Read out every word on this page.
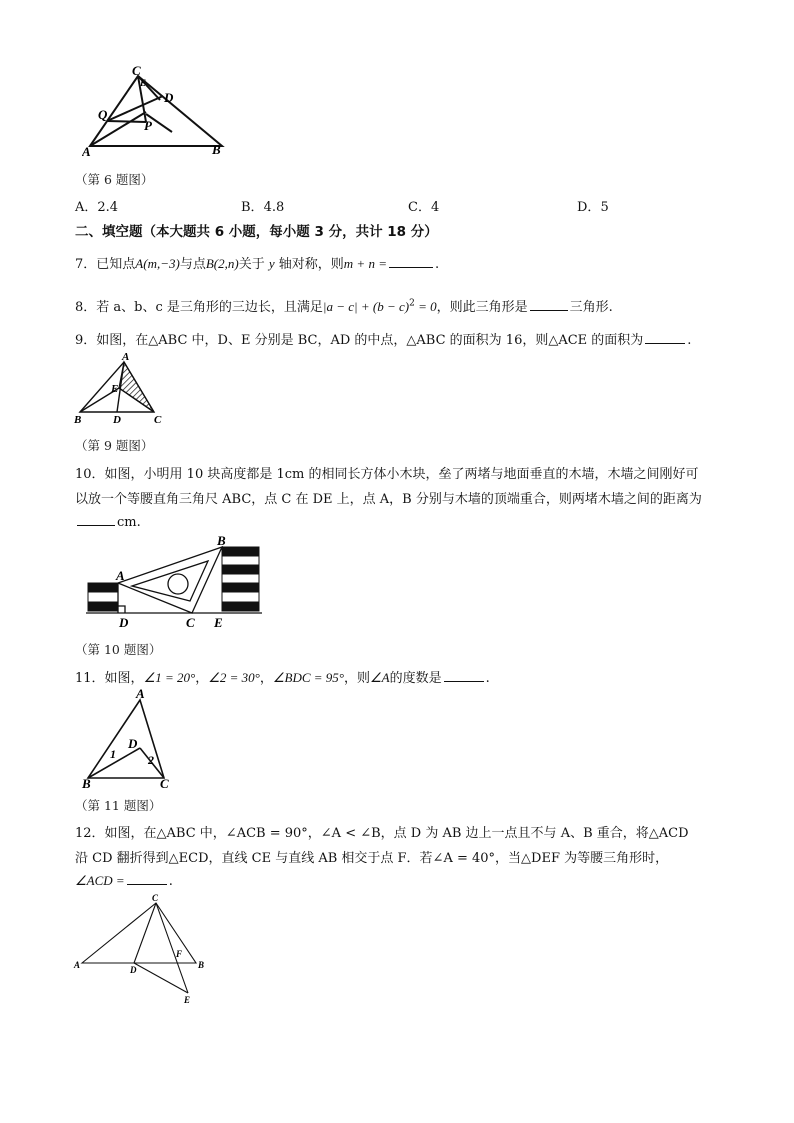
C
E
D
Q
P
A	B
（第 6 题图）
A．2.4	B．4.8	C．4	D．5
二、填空题（本大题共 6 小题，每小题 3 分，共计 18 分）
7．已知点A(m,−3)与点B(2,n)关于 y 轴对称，则m + n =	.
8．若 a、b、c 是三角形的三边长，且满足$|a - c| + (b - c)^2 = 0$，则此三角形是	三角形.
9．如图，在△ABC 中，D、E 分别是 BC，AD 的中点，△ABC 的面积为 16，则△ACE 的面积为	.
A
E
B	D	C
（第 9 题图）
10．如图，小明用 10 块高度都是 1cm 的相同长方体小木块，垒了两堵与地面垂直的木墙，木墙之间刚好可
以放一个等腰直角三角尺 ABC，点 C 在 DE 上，点 A，B 分别与木墙的顶端重合，则两堵木墙之间的距离为
cm.
A
B
D	C E
（第 10 题图）
11．如图，∠1 = 20°，∠2 = 30°，∠BDC = 95°，则∠A的度数是	.
A
D
1	2
B	C
（第 11 题图）
12．如图，在△ABC 中，∠ACB = 90°，∠A < ∠B，点 D 为 AB 边上一点且不与 A、B 重合，将△ACD
沿 CD 翻折得到△ECD，直线 CE 与直线 AB 相交于点 F．若∠A = 40°，当△DEF 为等腰三角形时，
∠ACD =	.
C
F
A	D	B
E
